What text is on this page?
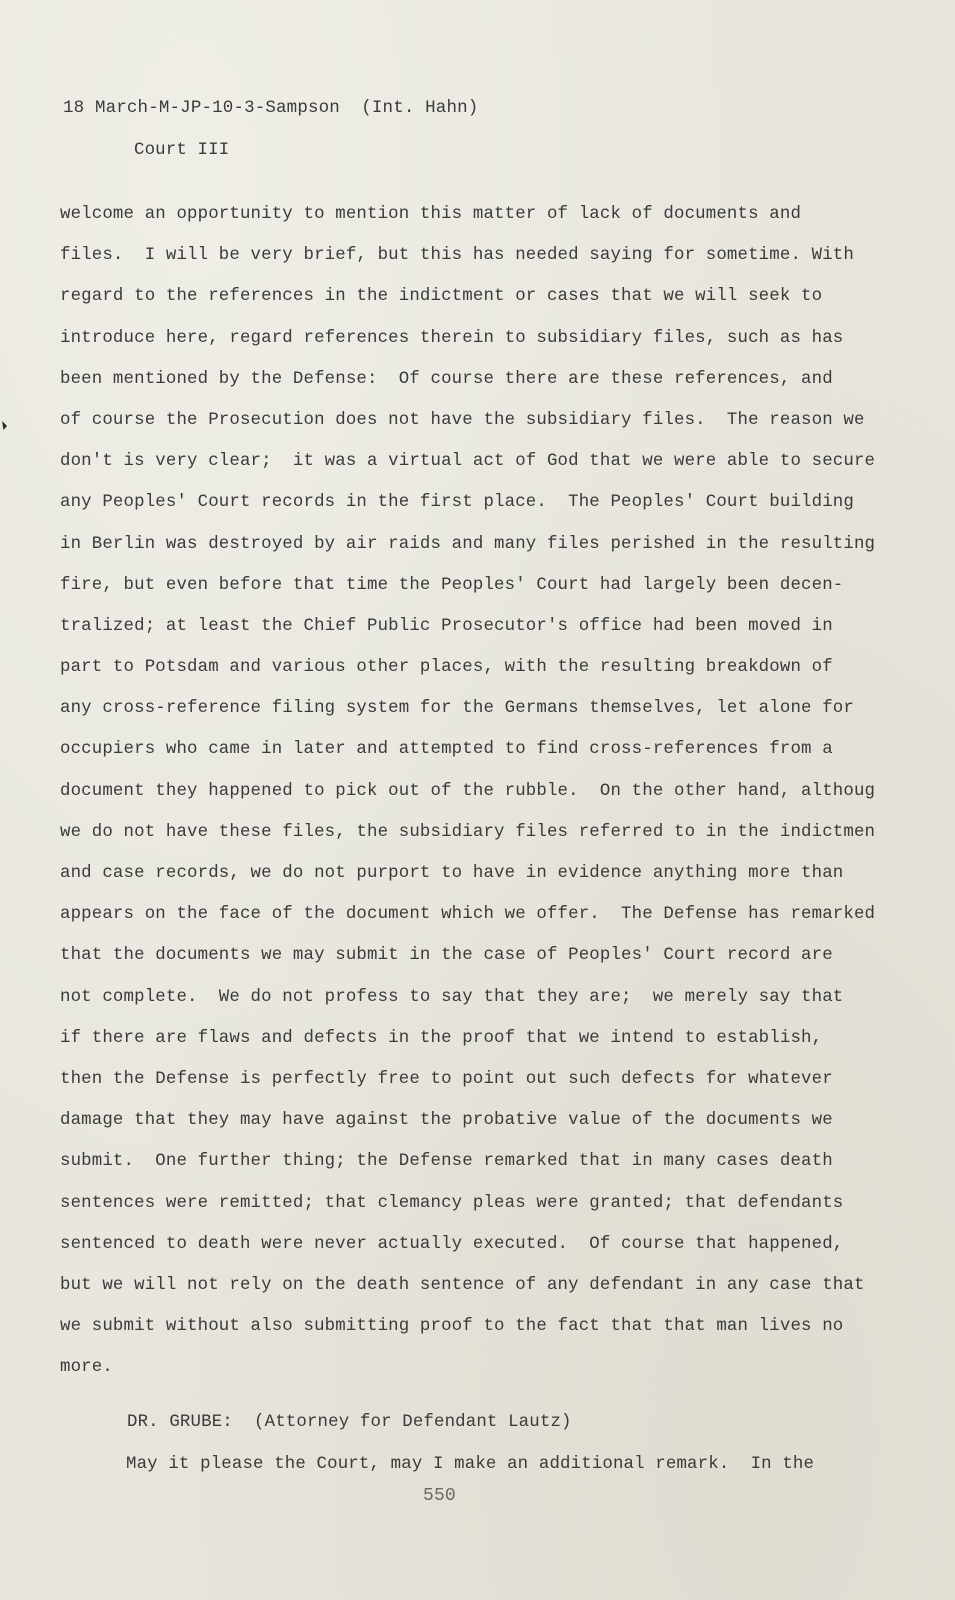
18 March-M-JP-10-3-Sampson  (Int. Hahn)
Court III
welcome an opportunity to mention this matter of lack of documents and
files.  I will be very brief, but this has needed saying for sometime. With
regard to the references in the indictment or cases that we will seek to
introduce here, regard references therein to subsidiary files, such as has
been mentioned by the Defense:  Of course there are these references, and
of course the Prosecution does not have the subsidiary files.  The reason we
don't is very clear;  it was a virtual act of God that we were able to secure
any Peoples' Court records in the first place.  The Peoples' Court building
in Berlin was destroyed by air raids and many files perished in the resulting
fire, but even before that time the Peoples' Court had largely been decen-
tralized; at least the Chief Public Prosecutor's office had been moved in
part to Potsdam and various other places, with the resulting breakdown of
any cross-reference filing system for the Germans themselves, let alone for
occupiers who came in later and attempted to find cross-references from a
document they happened to pick out of the rubble.  On the other hand, althoug
we do not have these files, the subsidiary files referred to in the indictmen
and case records, we do not purport to have in evidence anything more than
appears on the face of the document which we offer.  The Defense has remarked
that the documents we may submit in the case of Peoples' Court record are
not complete.  We do not profess to say that they are;  we merely say that
if there are flaws and defects in the proof that we intend to establish,
then the Defense is perfectly free to point out such defects for whatever
damage that they may have against the probative value of the documents we
submit.  One further thing; the Defense remarked that in many cases death
sentences were remitted; that clemancy pleas were granted; that defendants
sentenced to death were never actually executed.  Of course that happened,
but we will not rely on the death sentence of any defendant in any case that
we submit without also submitting proof to the fact that that man lives no
more.
DR. GRUBE:  (Attorney for Defendant Lautz)
May it please the Court, may I make an additional remark.  In the
550
